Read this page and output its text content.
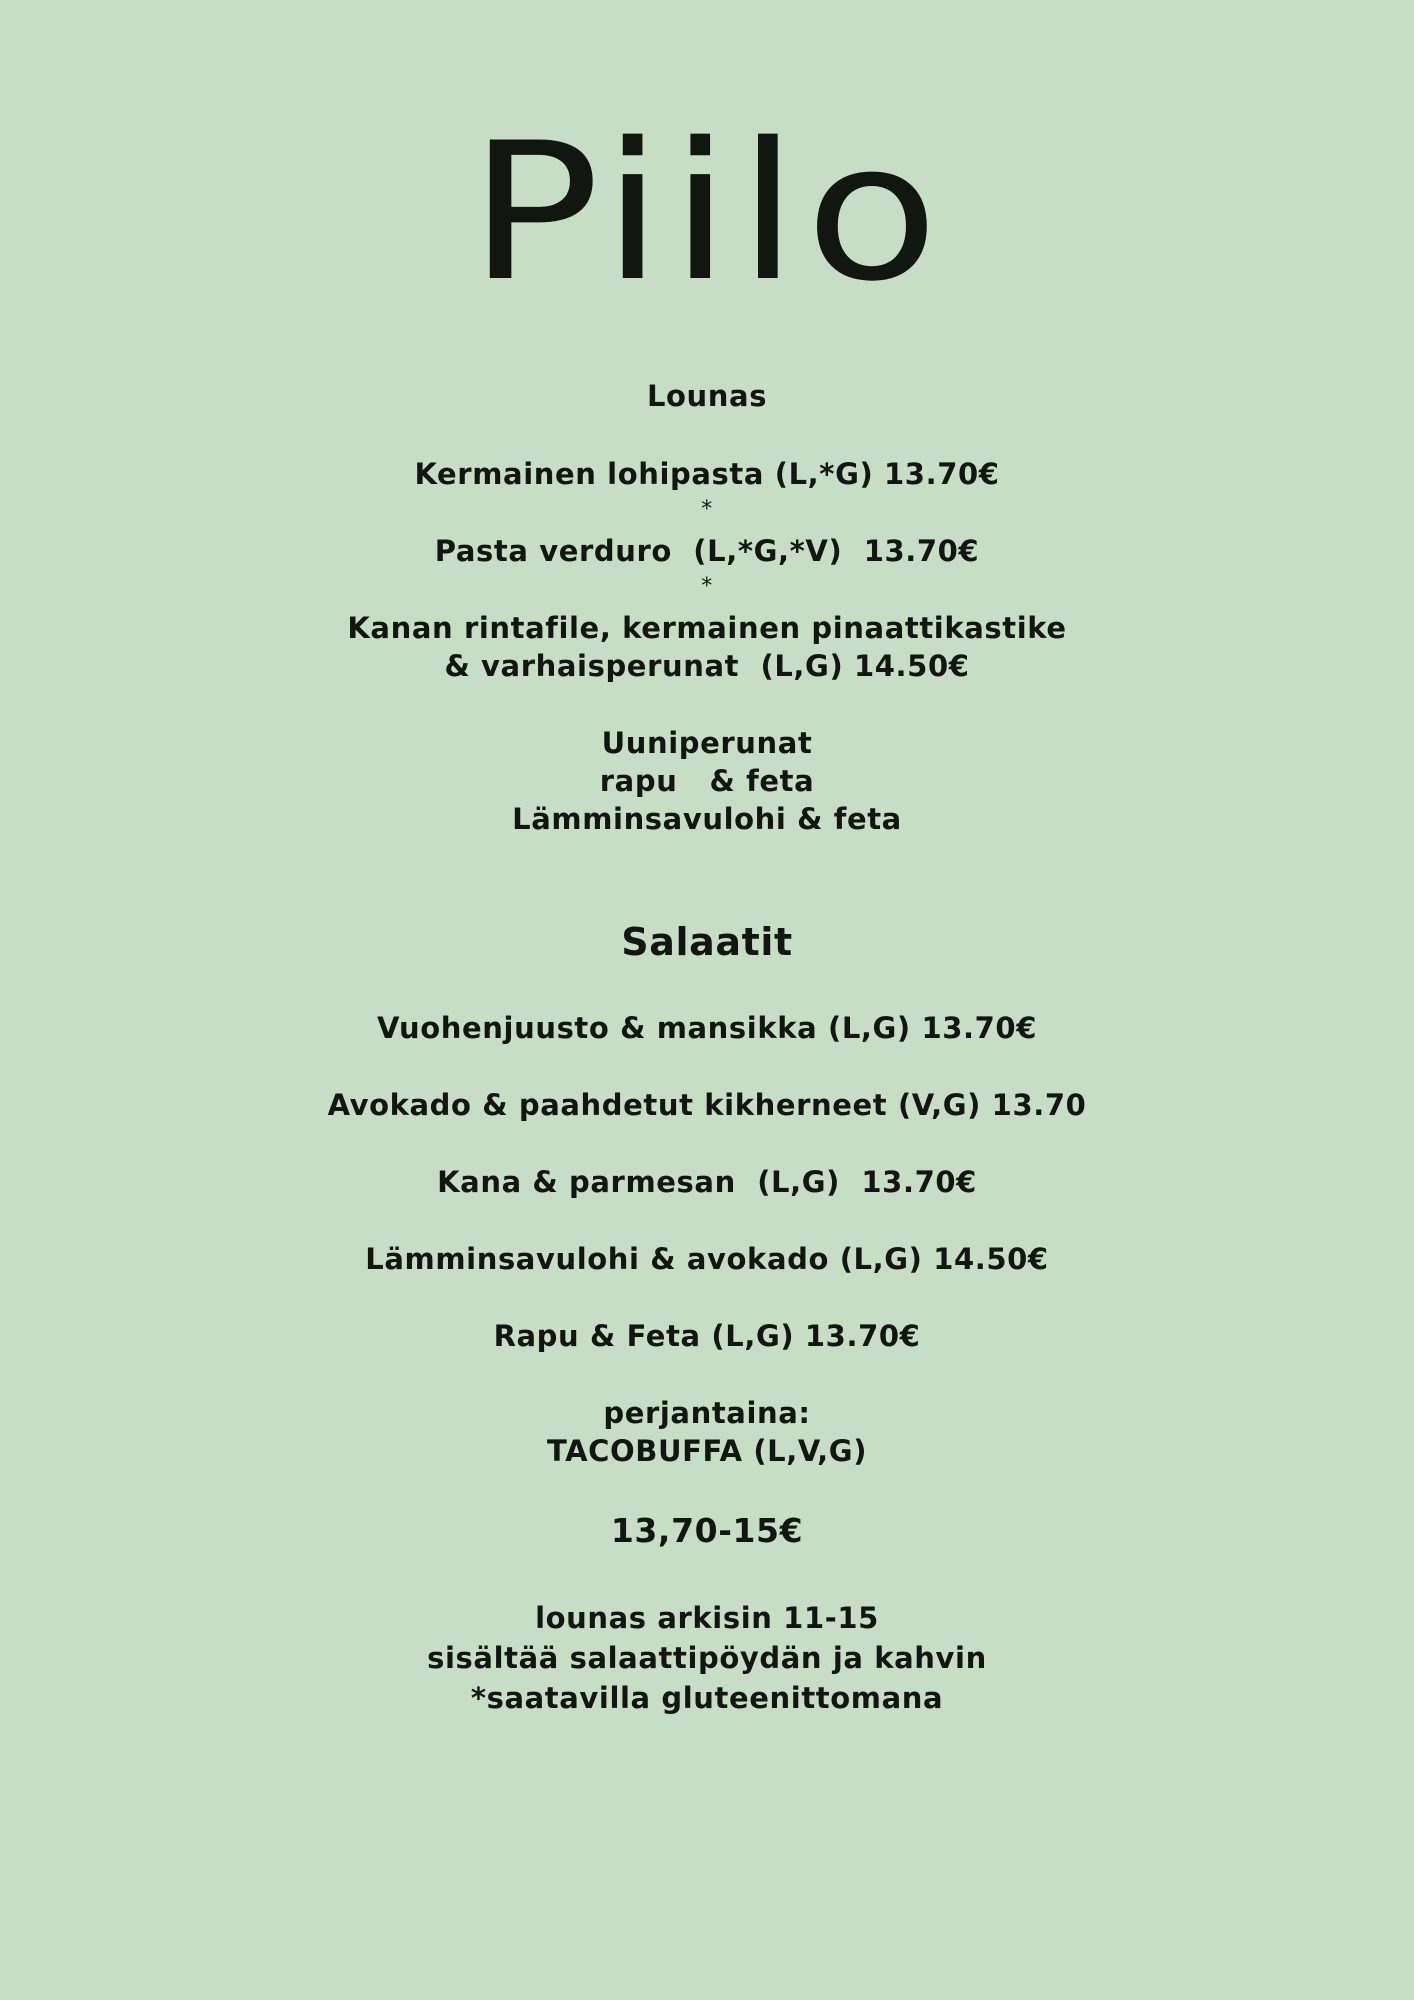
Piilo
Lounas
Kermainen lohipasta (L,*G) 13.70€
*
Pasta verduro  (L,*G,*V)  13.70€
*
Kanan rintafile, kermainen pinaattikastike
& varhaisperunat  (L,G) 14.50€
Uuniperunat
rapu   & feta
Lämminsavulohi & feta
Salaatit
Vuohenjuusto & mansikka (L,G) 13.70€
Avokado & paahdetut kikherneet (V,G) 13.70
Kana & parmesan  (L,G)  13.70€
Lämminsavulohi & avokado (L,G) 14.50€
Rapu & Feta (L,G) 13.70€
perjantaina:
TACOBUFFA (L,V,G)
13,70-15€
lounas arkisin 11-15
sisältää salaattipöydän ja kahvin
*saatavilla gluteenittomana
